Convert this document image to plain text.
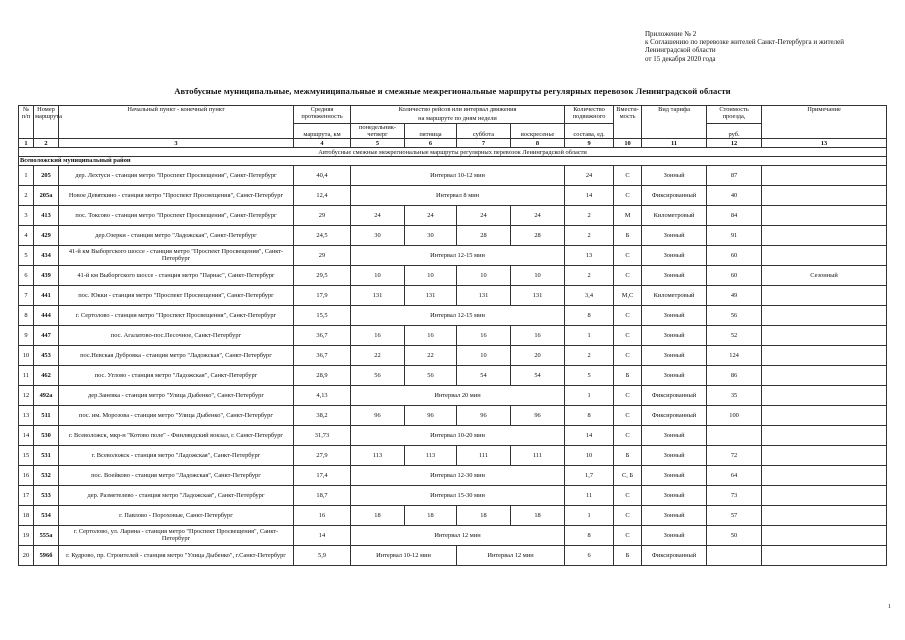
Приложение № 2
к Соглашению по перевозке жителей Санкт-Петербурга и жителей
Ленинградской области
от 15 декабря 2020 года
Автобусные муниципальные, межмуниципальные и смежные межрегиональные маршруты регулярных перевозок Ленинградской области
№ п/п	Номер маршрута	Начальный пункт - конечный пункт	Средняя протяженность	Количество рейсов или интервал движения
на маршруте по дням недели				Количество подвижного	Вмести-мость	Вид тарифа	Стоимость проезда,	Примечание
			маршрута, км	понедельник-четверг	пятница	суббота	воскресенье	состава, ед.			руб.	
1	2	3	4	5	6	7	8	9	10	11	12	13
Автобусные смежные межрегиональные маршруты регулярных перевозок Ленинградской области												
Всеволожский муниципальный район												
1	205	дер. Лехтуси - станция метро "Проспект Просвещения", Санкт-Петербург	40,4	Интервал 10-12 мин				24	С	Зонный	87	
2	205а	Новое Девяткино - станция метро "Проспект Просвещения", Санкт-Петербург	12,4	Интервал 8 мин				14	С	Фиксированный	40	
3	413	пос. Токсово - станция метро "Проспект Просвещения", Санкт-Петербург	29	24	24	24	24	2	М	Километровый	84	
4	429	дер.Озерки - станция метро "Ладожская", Санкт-Петербург	24,5	30	30	28	28	2	Б	Зонный	91	
5	434	41-й км Выборгского шоссе - станция метро "Проспект Просвещения", Санкт-Петербург	29	Интервал 12-15 мин				13	С	Зонный	60	
6	439	41-й км Выборгского шоссе - станция метро "Парнас", Санкт-Петербург	29,5	10	10	10	10	2	С	Зонный	60	Сезонный
7	441	пос. Юкки - станция метро "Проспект Просвещения", Санкт-Петербург	17,9	131	131	131	131	3,4	М,С	Километровый	49	
8	444	г. Сертолово - станция метро "Проспект Просвещения", Санкт-Петербург	15,5	Интервал 12-15 мин				8	С	Зонный	56	
9	447	пос. Агалатово-пос.Песочное, Санкт-Петербург	36,7	16	16	16	16	1	С	Зонный	52	
10	453	пос.Невская Дубровка - станция метро "Ладожская", Санкт-Петербург	36,7	22	22	10	20	2	С	Зонный	124	
11	462	пос. Углово - станция метро "Ладожская", Санкт-Петербург	28,9	56	56	54	54	5	Б	Зонный	86	
12	492а	дер.Заневка - станция метро "Улица Дыбенко", Санкт-Петербург	4,13	Интервал 20 мин				1	С	Фиксированный	35	
13	511	пос. им. Морозова - станция метро "Улица Дыбенко", Санкт-Петербург	38,2	96	96	96	96	8	С	Фиксированный	100	
14	530	г. Всеволожск, мкр-н "Котово поле" - Финляндский вокзал, г. Санкт-Петербург	31,73	Интервал 10-20 мин				14	С	Зонный		
15	531	г. Всеволожск - станция метро "Ладожская", Санкт-Петербург	27,9	113	113	111	111	10	Б	Зонный	72	
16	532	пос. Воейково - станция метро "Ладожская", Санкт-Петербург	17,4	Интервал 12-30 мин				1,7	С, Б	Зонный	64	
17	533	дер. Разметелево - станция метро "Ладожская", Санкт-Петербург	18,7	Интервал 15-30 мин				11	С	Зонный	73	
18	534	г. Павлово - Пороховые, Санкт-Петербург	16	18	18	18	18	1	С	Зонный	57	
19	555а	г. Сертолово, ул. Ларина - станция метро "Проспект Просвещения", Санкт-Петербург	14	Интервал 12 мин				8	С	Зонный	50	
20	596б	г. Кудрово, пр. Строителей - станция метро "Улица Дыбенко", г.Санкт-Петербург	5,9	Интервал 10-12 мин		Интервал 12 мин		6	Б	Фиксированный		
1
